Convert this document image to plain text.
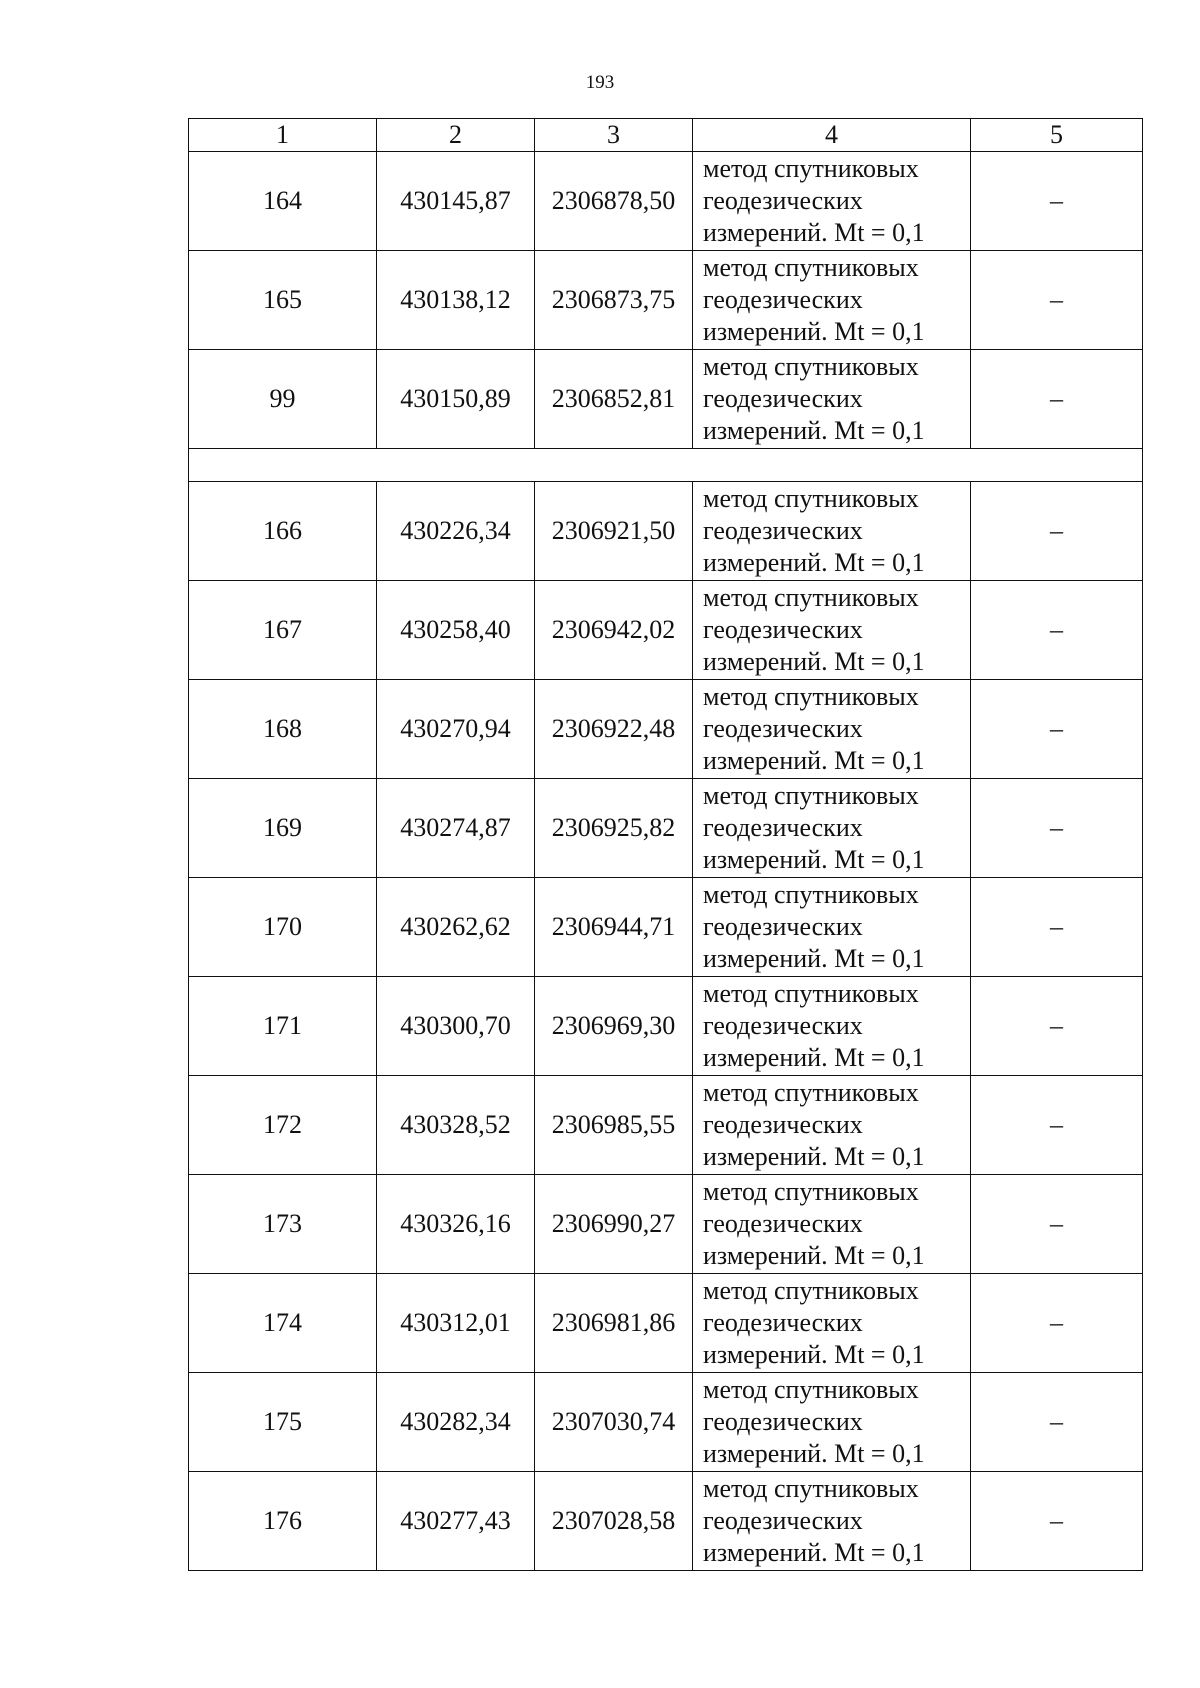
193
1	2	3	4	5
164	430145,87	2306878,50	метод спутниковых
геодезических
измерений. Mt = 0,1	–
165	430138,12	2306873,75	метод спутниковых
геодезических
измерений. Mt = 0,1	–
99	430150,89	2306852,81	метод спутниковых
геодезических
измерений. Mt = 0,1	–

166	430226,34	2306921,50	метод спутниковых
геодезических
измерений. Mt = 0,1	–
167	430258,40	2306942,02	метод спутниковых
геодезических
измерений. Mt = 0,1	–
168	430270,94	2306922,48	метод спутниковых
геодезических
измерений. Mt = 0,1	–
169	430274,87	2306925,82	метод спутниковых
геодезических
измерений. Mt = 0,1	–
170	430262,62	2306944,71	метод спутниковых
геодезических
измерений. Mt = 0,1	–
171	430300,70	2306969,30	метод спутниковых
геодезических
измерений. Mt = 0,1	–
172	430328,52	2306985,55	метод спутниковых
геодезических
измерений. Mt = 0,1	–
173	430326,16	2306990,27	метод спутниковых
геодезических
измерений. Mt = 0,1	–
174	430312,01	2306981,86	метод спутниковых
геодезических
измерений. Mt = 0,1	–
175	430282,34	2307030,74	метод спутниковых
геодезических
измерений. Mt = 0,1	–
176	430277,43	2307028,58	метод спутниковых
геодезических
измерений. Mt = 0,1	–
